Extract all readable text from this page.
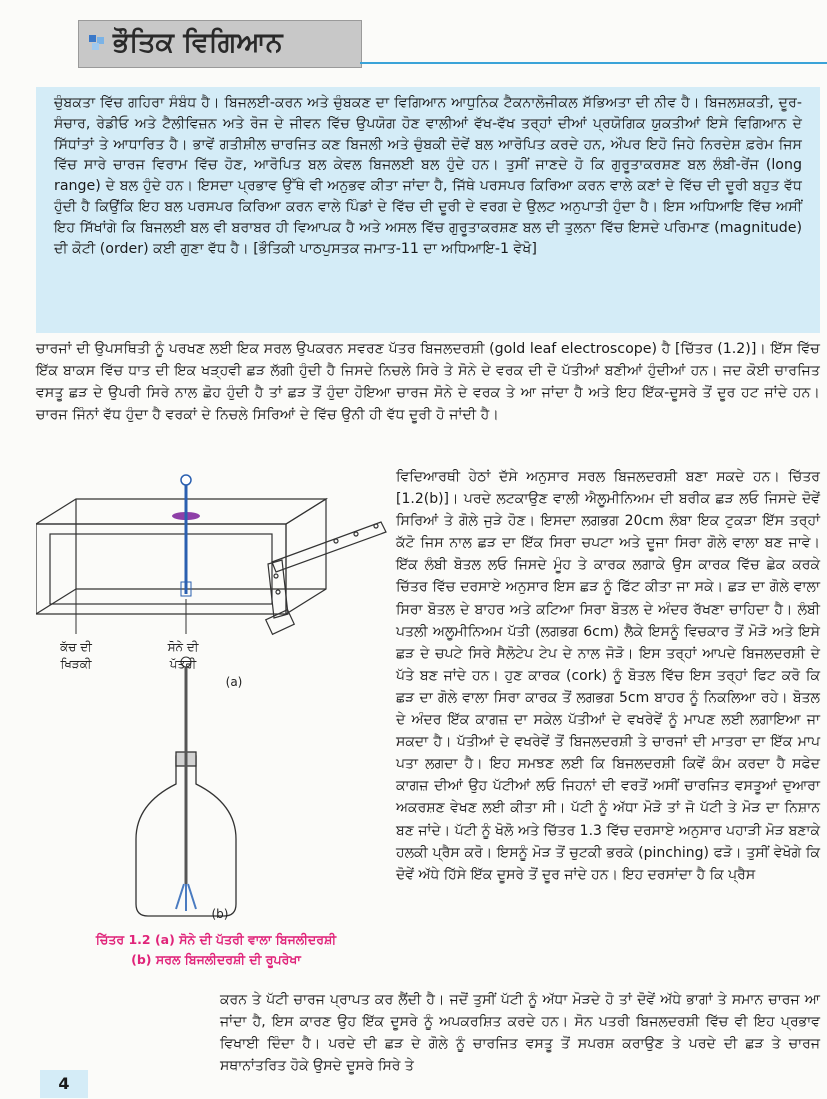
ਭੌਤਿਕ ਵਿਗਿਆਨ

ਚੁੰਬਕਤਾ ਵਿੱਚ ਗਹਿਰਾ ਸੰਬੰਧ ਹੈ। ਬਿਜਲਈ-ਕਰਨ ਅਤੇ ਚੁੰਬਕਣ ਦਾ ਵਿਗਿਆਨ ਆਧੁਨਿਕ ਟੈਕਨਾਲੋਜੀਕਲ ਸੱਭਿਅਤਾ ਦੀ ਨੀਵ ਹੈ। ਬਿਜਲਸ਼ਕਤੀ, ਦੂਰ-ਸੰਚਾਰ, ਰੇਡੀਓ ਅਤੇ ਟੈਲੀਵਿਜ਼ਨ ਅਤੇ ਰੋਜ ਦੇ ਜੀਵਨ ਵਿੱਚ ਉਪਯੋਗ ਹੋਣ ਵਾਲੀਆਂ ਵੱਖ-ਵੱਖ ਤਰ੍ਹਾਂ ਦੀਆਂ ਪ੍ਰਯੋਗਿਕ ਯੁਕਤੀਆਂ ਇਸੇ ਵਿਗਿਆਨ ਦੇ ਸਿੱਧਾਂਤਾਂ ਤੇ ਆਧਾਰਿਤ ਹੈ। ਭਾਵੇਂ ਗਤੀਸ਼ੀਲ ਚਾਰਜਿਤ ਕਣ ਬਿਜਲੀ ਅਤੇ ਚੁੰਬਕੀ ਦੋਵੇਂ ਬਲ ਆਰੋਪਿਤ ਕਰਦੇ ਹਨ, ਔਪਰ ਇਹੋ ਜਿਹੇ ਨਿਰਦੇਸ਼ ਫ਼ਰੇਮ ਜਿਸ ਵਿੱਚ ਸਾਰੇ ਚਾਰਜ ਵਿਰਾਮ ਵਿੱਚ ਹੋਣ, ਆਰੋਪਿਤ ਬਲ ਕੇਵਲ ਬਿਜਲਈ ਬਲ ਹੁੰਦੇ ਹਨ। ਤੁਸੀਂ ਜਾਣਦੇ ਹੋ ਕਿ ਗੁਰੂਤਾਕਰਸ਼ਣ ਬਲ ਲੰਬੀ-ਰੇਂਜ (long range) ਦੇ ਬਲ ਹੁੰਦੇ ਹਨ। ਇਸਦਾ ਪ੍ਰਭਾਵ ਉੱਥੇ ਵੀ ਅਨੁਭਵ ਕੀਤਾ ਜਾਂਦਾ ਹੈ, ਜਿੱਥੇ ਪਰਸਪਰ ਕਿਰਿਆ ਕਰਨ ਵਾਲੇ ਕਣਾਂ ਦੇ ਵਿੱਚ ਦੀ ਦੂਰੀ ਬਹੁਤ ਵੱਧ ਹੁੰਦੀ ਹੈ ਕਿਉਂਕਿ ਇਹ ਬਲ ਪਰਸਪਰ ਕਿਰਿਆ ਕਰਨ ਵਾਲੇ ਪਿੰਡਾਂ ਦੇ ਵਿੱਚ ਦੀ ਦੂਰੀ ਦੇ ਵਰਗ ਦੇ ਉਲਟ ਅਨੁਪਾਤੀ ਹੁੰਦਾ ਹੈ। ਇਸ ਅਧਿਆਇ ਵਿੱਚ ਅਸੀਂ ਇਹ ਸਿੱਖਾਂਗੇ ਕਿ ਬਿਜਲਈ ਬਲ ਵੀ ਬਰਾਬਰ ਹੀ ਵਿਆਪਕ ਹੈ ਅਤੇ ਅਸਲ ਵਿੱਚ ਗੁਰੂਤਾਕਰਸ਼ਣ ਬਲ ਦੀ ਤੁਲਨਾ ਵਿੱਚ ਇਸਦੇ ਪਰਿਮਾਣ (magnitude) ਦੀ ਕੋਟੀ (order) ਕਈ ਗੁਣਾ ਵੱਧ ਹੈ। [ਭੌਤਿਕੀ ਪਾਠਪੁਸਤਕ ਜਮਾਤ-11 ਦਾ ਅਧਿਆਇ-1 ਵੇਖੋ]

ਚਾਰਜਾਂ ਦੀ ਉਪਸਥਿਤੀ ਨੂੰ ਪਰਖਣ ਲਈ ਇਕ ਸਰਲ ਉਪਕਰਨ ਸਵਰਣ ਪੱਤਰ ਬਿਜਲਦਰਸ਼ੀ (gold leaf electroscope) ਹੈ [ਚਿੱਤਰ (1.2)]। ਇੱਸ ਵਿੱਚ ਇੱਕ ਬਾਕਸ ਵਿੱਚ ਧਾਤ ਦੀ ਇਕ ਖੜ੍ਹਵੀ ਛੜ ਲੱਗੀ ਹੁੰਦੀ ਹੈ ਜਿਸਦੇ ਨਿਚਲੇ ਸਿਰੇ ਤੇ ਸੋਨੇ ਦੇ ਵਰਕ ਦੀ ਦੋ ਪੱਤੀਆਂ ਬਣੀਆਂ ਹੁੰਦੀਆਂ ਹਨ। ਜਦ ਕੋਈ ਚਾਰਜਿਤ ਵਸਤੂ ਛੜ ਦੇ ਉਪਰੀ ਸਿਰੇ ਨਾਲ ਛੋਹ ਹੁੰਦੀ ਹੈ ਤਾਂ ਛੜ ਤੋਂ ਹੁੰਦਾ ਹੋਇਆ ਚਾਰਜ ਸੋਨੇ ਦੇ ਵਰਕ ਤੇ ਆ ਜਾਂਦਾ ਹੈ ਅਤੇ ਇਹ ਇੱਕ-ਦੂਸਰੇ ਤੋਂ ਦੂਰ ਹਟ ਜਾਂਦੇ ਹਨ। ਚਾਰਜ ਜਿੰਨਾਂ ਵੱਧ ਹੁੰਦਾ ਹੈ ਵਰਕਾਂ ਦੇ ਨਿਚਲੇ ਸਿਰਿਆਂ ਦੇ ਵਿੱਚ ਉਨੀ ਹੀ ਵੱਧ ਦੂਰੀ ਹੋ ਜਾਂਦੀ ਹੈ।

ਕੱਚ ਦੀ
ਖਿੜਕੀ
ਸੋਨੇ ਦੀ
ਪੱਤਰੀ
(a)
(b)
ਚਿੱਤਰ 1.2 (a) ਸੋਨੇ ਦੀ ਪੱਤਰੀ ਵਾਲਾ ਬਿਜਲੀਦਰਸ਼ੀ
(b) ਸਰਲ ਬਿਜਲੀਦਰਸ਼ੀ ਦੀ ਰੂਪਰੇਖਾ

ਵਿਦਿਆਰਥੀ ਹੇਠਾਂ ਦੱਸੇ ਅਨੁਸਾਰ ਸਰਲ ਬਿਜਲਦਰਸ਼ੀ ਬਣਾ ਸਕਦੇ ਹਨ। ਚਿੱਤਰ [1.2(b)]। ਪਰਦੇ ਲਟਕਾਉਣ ਵਾਲੀ ਐਲੂਮੀਨਿਅਮ ਦੀ ਬਰੀਕ ਛੜ ਲਓ ਜਿਸਦੇ ਦੋਵੇਂ ਸਿਰਿਆਂ ਤੇ ਗੋਲੇ ਜੁੜੇ ਹੋਣ। ਇਸਦਾ ਲਗਭਗ 20cm ਲੰਬਾ ਇਕ ਟੁਕੜਾ ਇੱਸ ਤਰ੍ਹਾਂ ਕੱਟੋ ਜਿਸ ਨਾਲ ਛੜ ਦਾ ਇੱਕ ਸਿਰਾ ਚਪਟਾ ਅਤੇ ਦੂਜਾ ਸਿਰਾ ਗੋਲੇ ਵਾਲਾ ਬਣ ਜਾਵੇ। ਇੱਕ ਲੰਬੀ ਬੋਤਲ ਲਓ ਜਿਸਦੇ ਮੂੰਹ ਤੇ ਕਾਰਕ ਲਗਾਕੇ ਉਸ ਕਾਰਕ ਵਿੱਚ ਛੇਕ ਕਰਕੇ ਚਿੱਤਰ ਵਿੱਚ ਦਰਸਾਏ ਅਨੁਸਾਰ ਇਸ ਛੜ ਨੂੰ ਫਿੱਟ ਕੀਤਾ ਜਾ ਸਕੇ। ਛੜ ਦਾ ਗੋਲੇ ਵਾਲਾ ਸਿਰਾ ਬੋਤਲ ਦੇ ਬਾਹਰ ਅਤੇ ਕਟਿਆ ਸਿਰਾ ਬੋਤਲ ਦੇ ਅੰਦਰ ਰੱਖਣਾ ਚਾਹਿਦਾ ਹੈ। ਲੰਬੀ ਪਤਲੀ ਅਲੂਮੀਨਿਅਮ ਪੱਤੀ (ਲਗਭਗ 6cm) ਲੈਕੇ ਇਸਨੂੰ ਵਿਚਕਾਰ ਤੋਂ ਮੋੜੋ ਅਤੇ ਇਸੇ ਛੜ ਦੇ ਚਪਟੇ ਸਿਰੇ ਸੈਲੋਟੇਪ ਟੇਪ ਦੇ ਨਾਲ ਜੋੜੋ। ਇਸ ਤਰ੍ਹਾਂ ਆਪਦੇ ਬਿਜਲਦਰਸ਼ੀ ਦੇ ਪੱਤੇ ਬਣ ਜਾਂਦੇ ਹਨ। ਹੁਣ ਕਾਰਕ (cork) ਨੂੰ ਬੋਤਲ ਵਿੱਚ ਇਸ ਤਰ੍ਹਾਂ ਫਿਟ ਕਰੋ ਕਿ ਛੜ ਦਾ ਗੋਲੇ ਵਾਲਾ ਸਿਰਾ ਕਾਰਕ ਤੋਂ ਲਗਭਗ 5cm ਬਾਹਰ ਨੂੰ ਨਿਕਲਿਆ ਰਹੇ। ਬੋਤਲ ਦੇ ਅੰਦਰ ਇੱਕ ਕਾਗਜ਼ ਦਾ ਸਕੇਲ ਪੱਤੀਆਂ ਦੇ ਵਖਰੇਵੇਂ ਨੂੰ ਮਾਪਣ ਲਈ ਲਗਾਇਆ ਜਾ ਸਕਦਾ ਹੈ। ਪੱਤੀਆਂ ਦੇ ਵਖਰੇਵੇਂ ਤੋਂ ਬਿਜਲਦਰਸ਼ੀ ਤੇ ਚਾਰਜਾਂ ਦੀ ਮਾਤਰਾ ਦਾ ਇੱਕ ਮਾਪ ਪਤਾ ਲਗਦਾ ਹੈ। ਇਹ ਸਮਝਣ ਲਈ ਕਿ ਬਿਜਲਦਰਸ਼ੀ ਕਿਵੇਂ ਕੰਮ ਕਰਦਾ ਹੈ ਸਫੇਦ ਕਾਗਜ਼ ਦੀਆਂ ਉਹ ਪੱਟੀਆਂ ਲਓ ਜਿਹਨਾਂ ਦੀ ਵਰਤੋਂ ਅਸੀਂ ਚਾਰਜਿਤ ਵਸਤੂਆਂ ਦੁਆਰਾ ਅਕਰਸ਼ਣ ਵੇਖਣ ਲਈ ਕੀਤਾ ਸੀ। ਪੱਟੀ ਨੂੰ ਅੱਧਾ ਮੋੜੋ ਤਾਂ ਜੋ ਪੱਟੀ ਤੇ ਮੋੜ ਦਾ ਨਿਸ਼ਾਨ ਬਣ ਜਾਂਦੇ। ਪੱਟੀ ਨੂੰ ਖੋਲੋ ਅਤੇ ਚਿੱਤਰ 1.3 ਵਿੱਚ ਦਰਸਾਏ ਅਨੁਸਾਰ ਪਹਾੜੀ ਮੋੜ ਬਣਾਕੇ ਹਲਕੀ ਪ੍ਰੈਸ ਕਰੋ। ਇਸਨੂੰ ਮੋੜ ਤੋਂ ਚੁਟਕੀ ਭਰਕੇ (pinching) ਫੜੋ। ਤੁਸੀਂ ਵੇਖੋਗੇ ਕਿ ਦੋਵੇਂ ਅੱਧੇ ਹਿੱਸੇ ਇੱਕ ਦੂਸਰੇ ਤੋਂ ਦੂਰ ਜਾਂਦੇ ਹਨ। ਇਹ ਦਰਸਾਂਦਾ ਹੈ ਕਿ ਪ੍ਰੈਸ

ਕਰਨ ਤੇ ਪੱਟੀ ਚਾਰਜ ਪ੍ਰਾਪਤ ਕਰ ਲੈਂਦੀ ਹੈ। ਜਦੋਂ ਤੁਸੀਂ ਪੱਟੀ ਨੂੰ ਅੱਧਾ ਮੋੜਦੇ ਹੋ ਤਾਂ ਦੋਵੇਂ ਅੱਧੇ ਭਾਗਾਂ ਤੇ ਸਮਾਨ ਚਾਰਜ ਆ ਜਾਂਦਾ ਹੈ, ਇਸ ਕਾਰਣ ਉਹ ਇੱਕ ਦੂਸਰੇ ਨੂੰ ਅਪਕਰਸ਼ਿਤ ਕਰਦੇ ਹਨ। ਸੋਨ ਪਤਰੀ ਬਿਜਲਦਰਸ਼ੀ ਵਿੱਚ ਵੀ ਇਹ ਪ੍ਰਭਾਵ ਵਿਖਾਈ ਦਿੰਦਾ ਹੈ। ਪਰਦੇ ਦੀ ਛੜ ਦੇ ਗੋਲੇ ਨੂੰ ਚਾਰਜਿਤ ਵਸਤੂ ਤੋਂ ਸਪਰਸ਼ ਕਰਾਉਣ ਤੇ ਪਰਦੇ ਦੀ ਛੜ ਤੇ ਚਾਰਜ ਸਥਾਨਾਂਤਰਿਤ ਹੋਕੇ ਉਸਦੇ ਦੂਸਰੇ ਸਿਰੇ ਤੇ

4
